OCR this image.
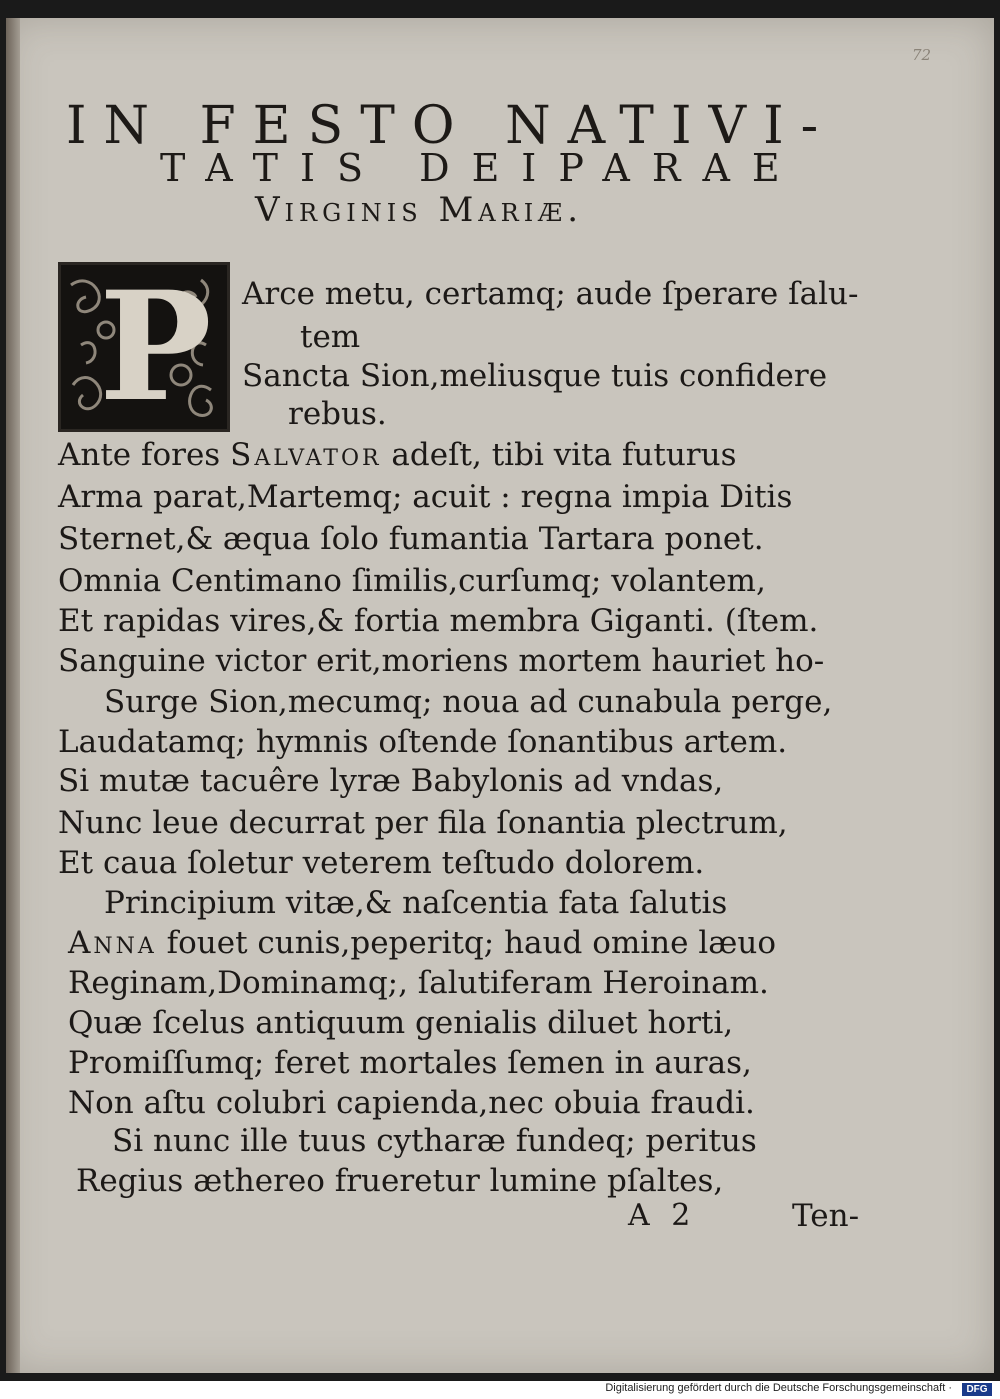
72
IN FESTO NATIVI-
TATIS DEIPARAE
Virginis Mariæ.
P Arce metu, certamq; aude ſperare ſalu-
tem
Sancta Sion,meliusque tuis confidere
rebus.
Ante fores Salvator adeſt, tibi vita futurus
Arma parat,Martemq; acuit : regna impia Ditis
Sternet,& æqua ſolo fumantia Tartara ponet.
Omnia Centimano ſimilis,curſumq; volantem,
Et rapidas vires,& fortia membra Giganti. (ſtem.
Sanguine victor erit,moriens mortem hauriet ho-
Surge Sion,mecumq; noua ad cunabula perge,
Laudatamq; hymnis oſtende ſonantibus artem.
Si mutæ tacuêre lyræ Babylonis ad vndas,
Nunc leue decurrat per fila ſonantia plectrum,
Et caua ſoletur veterem teſtudo dolorem.
Principium vitæ,& naſcentia fata ſalutis
Anna fouet cunis,peperitq; haud omine læuo
Reginam,Dominamq;, ſalutiferam Heroinam.
Quæ ſcelus antiquum genialis diluet horti,
Promiſſumq; feret mortales ſemen in auras,
Non aſtu colubri capienda,nec obuia fraudi.
Si nunc ille tuus cytharæ fundeq; peritus
Regius æthereo frueretur lumine pſaltes,
A 2	Ten-
Digitalisierung gefördert durch die Deutsche Forschungsgemeinschaft ·	DFG
